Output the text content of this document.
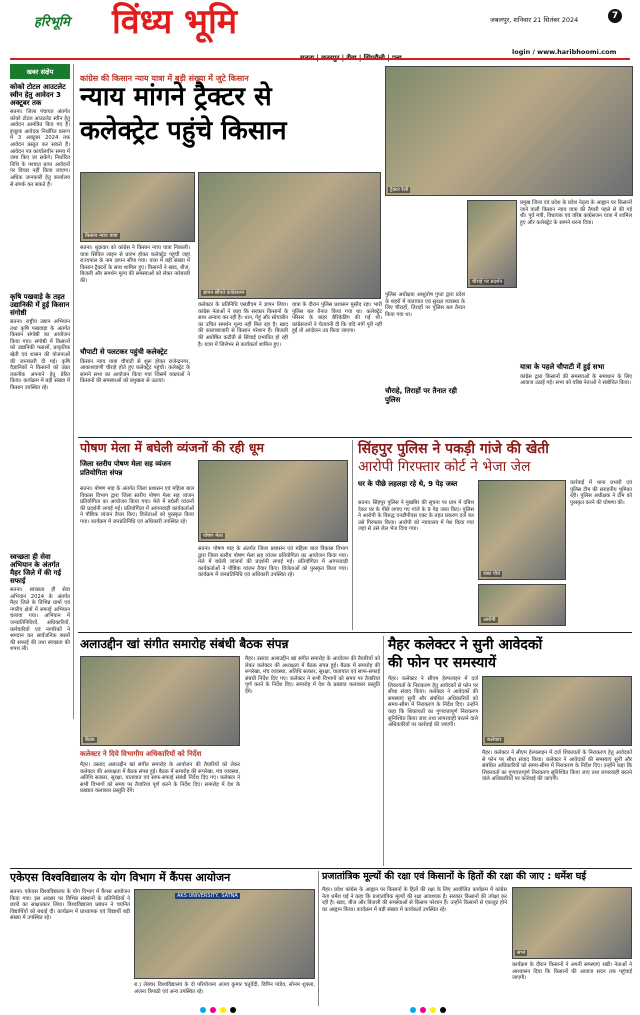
हरिभूमि विंध्य भूमि	जबलपुर, शनिवार 21 सितंबर 2024	7
login / www.haribhoomi.com
खबर संक्षेप
कोको टोटल आउटलेट स्वीन हेतु आवेदन 3 अक्टूबर तक
सतना। जिला पंचायत अंतर्गत कोको टोटल आउटलेट स्वीन हेतु आवेदन आमंत्रित किए गए हैं। इच्छुक आवेदक निर्धारित प्रारूप में 3 अक्टूबर 2024 तक आवेदन प्रस्तुत कर सकते हैं। आवेदन पत्र कार्यालयीन समय में जमा किए जा सकेंगे। निर्धारित तिथि के पश्चात प्राप्त आवेदनों पर विचार नहीं किया जाएगा। अधिक जानकारी हेतु कार्यालय से संपर्क कर सकते हैं।
कृषि पखवाड़े के तहत उद्यानिकी में हुई किसान संगोष्ठी
सतना। राष्ट्रीय उद्यान अभियान तथा कृषि पखवाड़ा के अंतर्गत किसान संगोष्ठी का आयोजन किया गया। संगोष्ठी में किसानों को उद्यानिकी फसलों, प्राकृतिक खेती एवं शासन की योजनाओं की जानकारी दी गई। कृषि वैज्ञानिकों ने किसानों को उन्नत तकनीक अपनाने हेतु प्रेरित किया। कार्यक्रम में बड़ी संख्या में किसान उपस्थित रहे।
स्वच्छता ही सेवा अभियान के अंतर्गत मैहर जिले में की गई सफाई
सतना। स्वच्छता ही सेवा अभियान 2024 के अंतर्गत मैहर जिले के विभिन्न ग्रामों एवं नगरीय क्षेत्रों में सफाई अभियान चलाया गया। अभियान में जनप्रतिनिधियों, अधिकारियों, कर्मचारियों एवं नागरिकों ने श्रमदान कर सार्वजनिक स्थलों की सफाई की तथा स्वच्छता की शपथ ली।
कांग्रेस की किसान न्याय यात्रा में बड़ी संख्या में जुटे किसान
न्याय मांगने ट्रैक्टर से
कलेक्ट्रेट पहुंचे किसान
ट्रैक्टर रैली
किसान न्याय यात्रा
ज्ञापन सौंपते कांग्रेसजन
चौराहे पर प्रदर्शन
सतना। शुक्रवार को कांग्रेस ने किसान न्याय यात्रा निकाली। यात्रा सिविल लाइन से प्रारंभ होकर कलेक्ट्रेट पहुंची जहां राज्यपाल के नाम ज्ञापन सौंपा गया। यात्रा में बड़ी संख्या में किसान ट्रैक्टरों के साथ शामिल हुए। किसानों ने खाद, बीज, बिजली और समर्थन मूल्य की समस्याओं को लेकर नारेबाजी की।
चौपाटी से पलटकर पहुंची कलेक्ट्रेट
किसान न्याय यात्रा चौपाटी से शुरू होकर राजेन्द्रनगर, आकाशवाणी चौराहे होते हुए कलेक्ट्रेट पहुंची। कलेक्ट्रेट के सामने सभा का आयोजन किया गया जिसमें वक्ताओं ने किसानों की समस्याओं को प्रमुखता से उठाया।
कलेक्टर के प्रतिनिधि एसडीएम ने ज्ञापन लिया। कांग्रेस नेताओं ने कहा कि सरकार किसानों के साथ अन्याय कर रही है। धान, गेहूं और सोयाबीन का उचित समर्थन मूल्य नहीं मिल रहा है। खाद की कालाबाजारी से किसान परेशान हैं। बिजली की अघोषित कटौती से सिंचाई प्रभावित हो रही है। यात्रा में जिलेभर से कार्यकर्ता शामिल हुए।
यात्रा के दौरान पुलिस प्रशासन मुस्तैद रहा। भारी पुलिस बल तैनात किया गया था। कलेक्ट्रेट परिसर के बाहर बैरिकेडिंग की गई थी। कांग्रेसजनों ने चेतावनी दी कि यदि मांगें पूरी नहीं हुईं तो आंदोलन उग्र किया जाएगा।
पुलिस अधीक्षक आशुतोष गुप्ता द्वारा प्रदेश के शहरों में यातायात एवं सुरक्षा व्यवस्था के लिए चौराहों, तिराहों पर पुलिस बल तैनात किया गया था।
चौराहे, तिराहों पर तैनात रही पुलिस
प्रमुख जिला एवं प्रदेश के प्रदेश नेतृत्व के आह्वान पर किसानों जाने वाली किसान न्याय यात्रा की तैयारी पहले से की गई थी। पूर्व मंत्री, विधायक एवं वरिष्ठ कांग्रेसजन यात्रा में शामिल हुए और कलेक्ट्रेट के सामने धरना दिया।
यात्रा के पहले चौपाटी में हुई सभा
कांग्रेस द्वारा किसानों की समस्याओं के समाधान के लिए आवाज उठाई गई। सभा को वरिष्ठ नेताओं ने संबोधित किया।
पोषण मेला में बघेली व्यंजनों की रही धूम
पोषण मेला
जिला स्तरीय पोषण मेला सह व्यंजन प्रतियोगिता संपन्न
सतना। पोषण माह के अंतर्गत जिला प्रशासन एवं महिला बाल विकास विभाग द्वारा जिला स्तरीय पोषण मेला सह व्यंजन प्रतियोगिता का आयोजन किया गया। मेले में बघेली व्यंजनों की प्रदर्शनी लगाई गई। प्रतियोगिता में आंगनवाड़ी कार्यकर्ताओं ने पौष्टिक व्यंजन तैयार किए। विजेताओं को पुरस्कृत किया गया। कार्यक्रम में जनप्रतिनिधि एवं अधिकारी उपस्थित रहे।
सतना। पोषण माह के अंतर्गत जिला प्रशासन एवं महिला बाल विकास विभाग द्वारा जिला स्तरीय पोषण मेला सह व्यंजन प्रतियोगिता का आयोजन किया गया। मेले में बघेली व्यंजनों की प्रदर्शनी लगाई गई। प्रतियोगिता में आंगनवाड़ी कार्यकर्ताओं ने पौष्टिक व्यंजन तैयार किए। विजेताओं को पुरस्कृत किया गया। कार्यक्रम में जनप्रतिनिधि एवं अधिकारी उपस्थित रहे।
सिंहपुर पुलिस ने पकड़ी गांजे की खेती
आरोपी गिरफ्तार कोर्ट ने भेजा जेल
घर के पीछे लहलहा रहे थे, 9 पेड़ जब्त
सतना। सिंहपुर पुलिस ने मुखबिर की सूचना पर ग्राम में दबिश देकर घर के पीछे लगाए गए गांजे के 9 पेड़ जब्त किए। पुलिस ने आरोपी के विरुद्ध एनडीपीएस एक्ट के तहत प्रकरण दर्ज कर उसे गिरफ्तार किया। आरोपी को न्यायालय में पेश किया गया जहां से उसे जेल भेज दिया गया।
जब्त पौधे
आरोपी
कार्रवाई में थाना प्रभारी एवं पुलिस टीम की सराहनीय भूमिका रही। पुलिस अधीक्षक ने टीम को पुरस्कृत करने की घोषणा की।
अलाउद्दीन खां संगीत समारोह संबंधी बैठक संपन्न
बैठक
कलेक्टर ने दिये विभागीय अधिकारियों को निर्देश
मैहर। उस्ताद अलाउद्दीन खां संगीत समारोह के आयोजन की तैयारियों को लेकर कलेक्टर की अध्यक्षता में बैठक संपन्न हुई। बैठक में समारोह की रूपरेखा, मंच व्यवस्था, अतिथि सत्कार, सुरक्षा, यातायात एवं साफ-सफाई संबंधी निर्देश दिए गए। कलेक्टर ने सभी विभागों को समय पर तैयारियां पूर्ण करने के निर्देश दिए। समारोह में देश के प्रख्यात कलाकार प्रस्तुति देंगे।
मैहर। उस्ताद अलाउद्दीन खां संगीत समारोह के आयोजन की तैयारियों को लेकर कलेक्टर की अध्यक्षता में बैठक संपन्न हुई। बैठक में समारोह की रूपरेखा, मंच व्यवस्था, अतिथि सत्कार, सुरक्षा, यातायात एवं साफ-सफाई संबंधी निर्देश दिए गए। कलेक्टर ने सभी विभागों को समय पर तैयारियां पूर्ण करने के निर्देश दिए। समारोह में देश के प्रख्यात कलाकार प्रस्तुति देंगे।
मैहर कलेक्टर ने सुनी आवेदकों
की फोन पर समस्यायें
मैहर। कलेक्टर ने सीएम हेल्पलाइन में दर्ज शिकायतों के निराकरण हेतु आवेदकों से फोन पर सीधा संवाद किया। कलेक्टर ने आवेदकों की समस्याएं सुनीं और संबंधित अधिकारियों को समय-सीमा में निराकरण के निर्देश दिए। उन्होंने कहा कि शिकायतों का गुणवत्तापूर्ण निराकरण सुनिश्चित किया जाए तथा लापरवाही बरतने वाले अधिकारियों पर कार्रवाई की जाएगी।
कलेक्टर
मैहर। कलेक्टर ने सीएम हेल्पलाइन में दर्ज शिकायतों के निराकरण हेतु आवेदकों से फोन पर सीधा संवाद किया। कलेक्टर ने आवेदकों की समस्याएं सुनीं और संबंधित अधिकारियों को समय-सीमा में निराकरण के निर्देश दिए। उन्होंने कहा कि शिकायतों का गुणवत्तापूर्ण निराकरण सुनिश्चित किया जाए तथा लापरवाही बरतने वाले अधिकारियों पर कार्रवाई की जाएगी।
एकेएस विश्वविद्यालय के योग विभाग में कैंपस आयोजन
सतना। एकेएस विश्वविद्यालय के योग विभाग में कैंपस आयोजन किया गया। इस अवसर पर विभिन्न संस्थानों के प्रतिनिधियों ने छात्रों का साक्षात्कार लिया। विश्वविद्यालय प्रबंधन ने चयनित विद्यार्थियों को बधाई दी। कार्यक्रम में प्राध्यापक एवं विद्यार्थी बड़ी संख्या में उपस्थित रहे।
AKS UNIVERSITY, SATNA
रा.) लेक्चर विश्वविद्यालय के दो परियोजना अजय कुमार चतुर्वेदी, विपिन पांडेय, सोनम शुक्ला, अंजना त्रिपाठी एवं अन्य उपस्थित रहे।
प्रजातांत्रिक मूल्यों की रक्षा एवं किसानों के हितों की रक्षा की जाए : धर्मेश घई
मैहर। प्रदेश कांग्रेस के आह्वान पर किसानों के हितों की रक्षा के लिए आयोजित कार्यक्रम में कांग्रेस नेता धर्मेश घई ने कहा कि प्रजातांत्रिक मूल्यों की रक्षा आवश्यक है। सरकार किसानों की उपेक्षा कर रही है। खाद, बीज और बिजली की समस्याओं से किसान परेशान हैं। उन्होंने किसानों से एकजुट होने का आह्वान किया। कार्यक्रम में बड़ी संख्या में कार्यकर्ता उपस्थित रहे।
सभा
कार्यक्रम के दौरान किसानों ने अपनी समस्याएं रखीं। नेताओं ने आश्वासन दिया कि किसानों की आवाज सदन तक पहुंचाई जाएगी।
